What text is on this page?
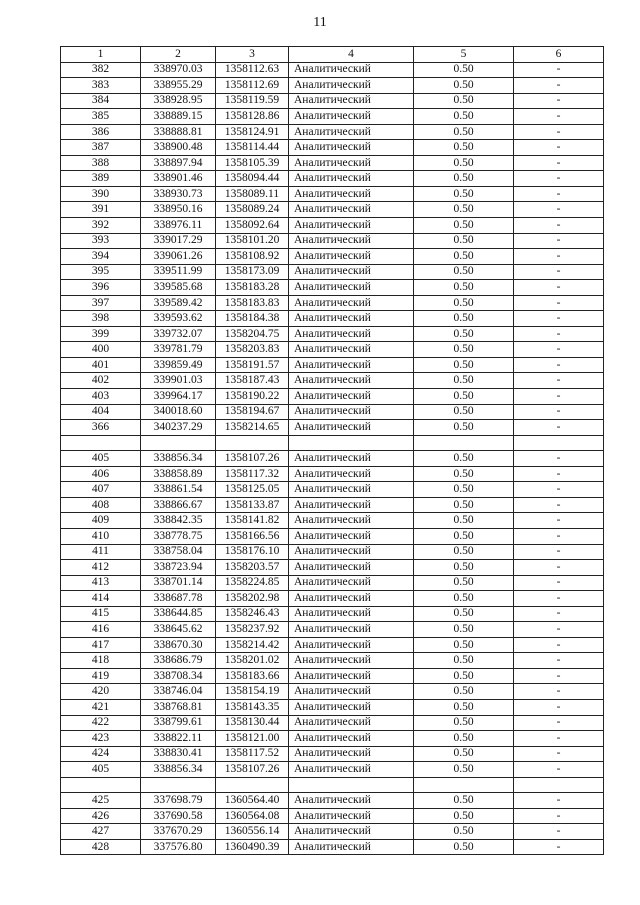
11
1	2	3	4	5	6
382	338970.03	1358112.63	Аналитический	0.50	-
383	338955.29	1358112.69	Аналитический	0.50	-
384	338928.95	1358119.59	Аналитический	0.50	-
385	338889.15	1358128.86	Аналитический	0.50	-
386	338888.81	1358124.91	Аналитический	0.50	-
387	338900.48	1358114.44	Аналитический	0.50	-
388	338897.94	1358105.39	Аналитический	0.50	-
389	338901.46	1358094.44	Аналитический	0.50	-
390	338930.73	1358089.11	Аналитический	0.50	-
391	338950.16	1358089.24	Аналитический	0.50	-
392	338976.11	1358092.64	Аналитический	0.50	-
393	339017.29	1358101.20	Аналитический	0.50	-
394	339061.26	1358108.92	Аналитический	0.50	-
395	339511.99	1358173.09	Аналитический	0.50	-
396	339585.68	1358183.28	Аналитический	0.50	-
397	339589.42	1358183.83	Аналитический	0.50	-
398	339593.62	1358184.38	Аналитический	0.50	-
399	339732.07	1358204.75	Аналитический	0.50	-
400	339781.79	1358203.83	Аналитический	0.50	-
401	339859.49	1358191.57	Аналитический	0.50	-
402	339901.03	1358187.43	Аналитический	0.50	-
403	339964.17	1358190.22	Аналитический	0.50	-
404	340018.60	1358194.67	Аналитический	0.50	-
366	340237.29	1358214.65	Аналитический	0.50	-

405	338856.34	1358107.26	Аналитический	0.50	-
406	338858.89	1358117.32	Аналитический	0.50	-
407	338861.54	1358125.05	Аналитический	0.50	-
408	338866.67	1358133.87	Аналитический	0.50	-
409	338842.35	1358141.82	Аналитический	0.50	-
410	338778.75	1358166.56	Аналитический	0.50	-
411	338758.04	1358176.10	Аналитический	0.50	-
412	338723.94	1358203.57	Аналитический	0.50	-
413	338701.14	1358224.85	Аналитический	0.50	-
414	338687.78	1358202.98	Аналитический	0.50	-
415	338644.85	1358246.43	Аналитический	0.50	-
416	338645.62	1358237.92	Аналитический	0.50	-
417	338670.30	1358214.42	Аналитический	0.50	-
418	338686.79	1358201.02	Аналитический	0.50	-
419	338708.34	1358183.66	Аналитический	0.50	-
420	338746.04	1358154.19	Аналитический	0.50	-
421	338768.81	1358143.35	Аналитический	0.50	-
422	338799.61	1358130.44	Аналитический	0.50	-
423	338822.11	1358121.00	Аналитический	0.50	-
424	338830.41	1358117.52	Аналитический	0.50	-
405	338856.34	1358107.26	Аналитический	0.50	-

425	337698.79	1360564.40	Аналитический	0.50	-
426	337690.58	1360564.08	Аналитический	0.50	-
427	337670.29	1360556.14	Аналитический	0.50	-
428	337576.80	1360490.39	Аналитический	0.50	-
